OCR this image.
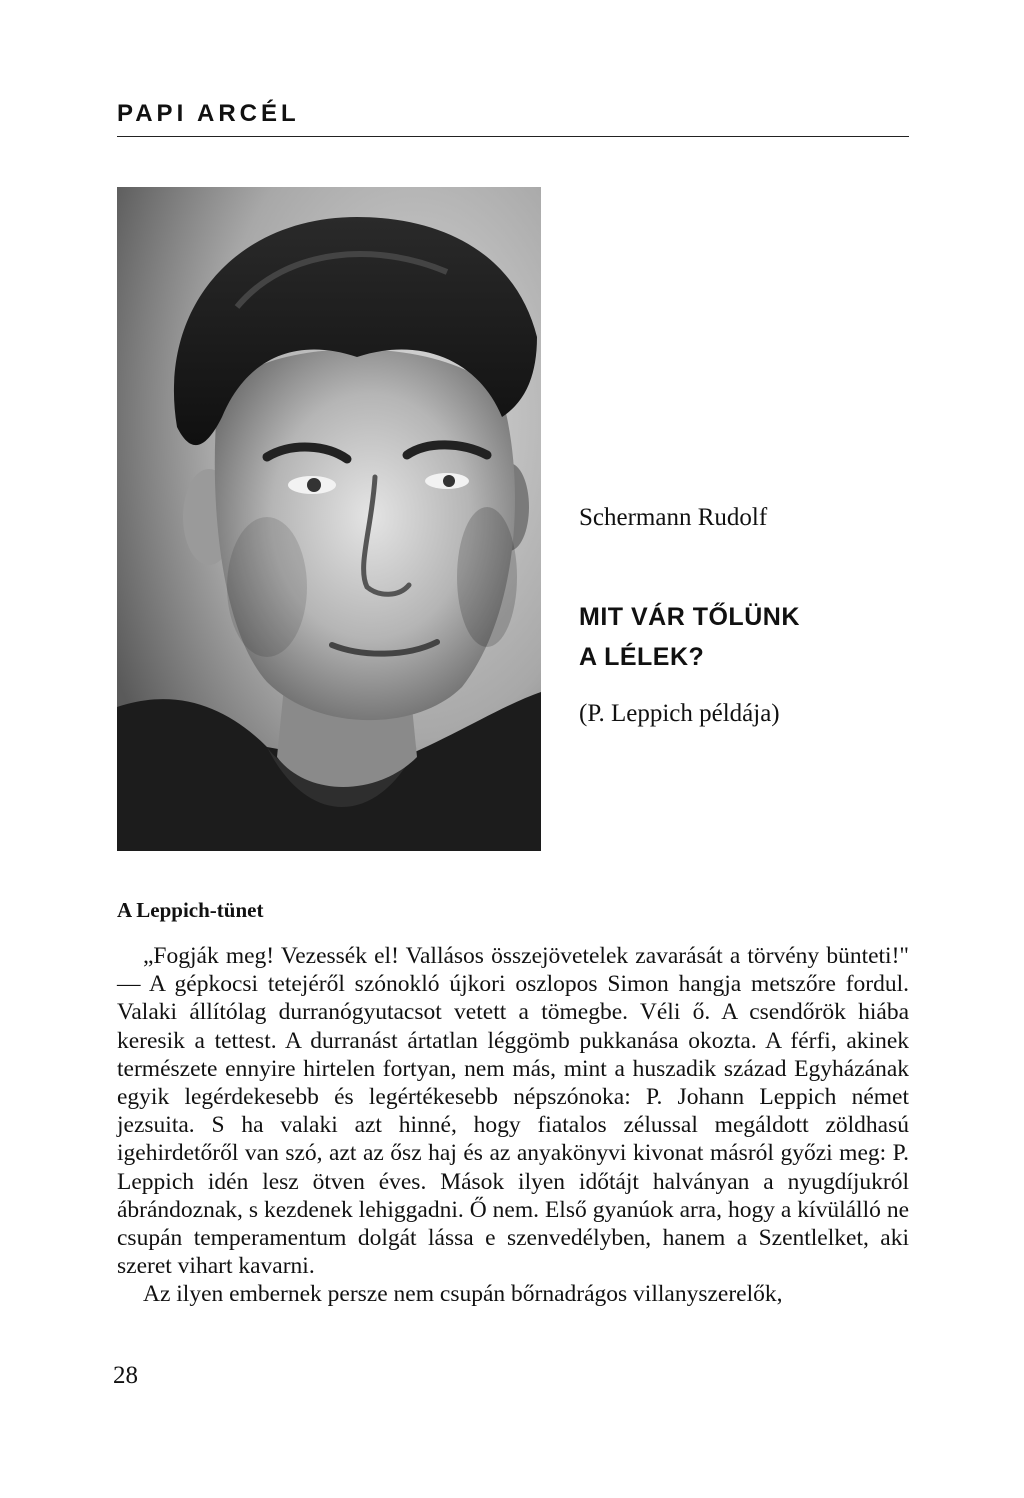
PAPI ARCÉL
Schermann Rudolf
MIT VÁR TŐLÜNK
A LÉLEK?
(P. Leppich példája)
A Leppich-tünet

„Fogják meg! Vezessék el! Vallásos összejövetelek zavarását a törvény bünteti!" — A gépkocsi tetejéről szónokló újkori oszlopos Simon hangja metszőre fordul. Valaki állítólag durranógyutacsot vetett a tömegbe. Véli ő. A csendőrök hiába keresik a tettest. A durranást ártatlan léggömb pukkanása okozta. A férfi, akinek természete ennyire hirtelen fortyan, nem más, mint a huszadik század Egyházának egyik legérdekesebb és legértékesebb népszónoka: P. Johann Leppich német jezsuita. S ha valaki azt hinné, hogy fiatalos zélussal megáldott zöldhasú igehirdetőről van szó, azt az ősz haj és az anyakönyvi kivonat másról győzi meg: P. Leppich idén lesz ötven éves. Mások ilyen időtájt halványan a nyugdíjukról ábrándoznak, s kezdenek lehiggadni. Ő nem. Első gyanúok arra, hogy a kívülálló ne csupán temperamentum dolgát lássa e szenvedélyben, hanem a Szentlelket, aki szeret vihart kavarni.

Az ilyen embernek persze nem csupán bőrnadrágos villanyszerelők,

28
